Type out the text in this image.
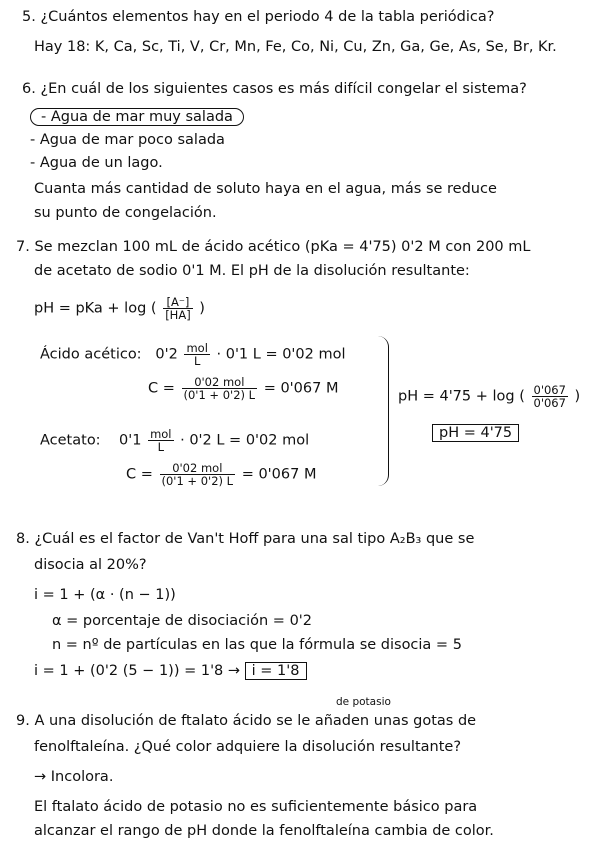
5. ¿Cuántos elementos hay en el periodo 4 de la tabla periódica?
Hay 18: K, Ca, Sc, Ti, V, Cr, Mn, Fe, Co, Ni, Cu, Zn, Ga, Ge, As, Se, Br, Kr.
6. ¿En cuál de los siguientes casos es más difícil congelar el sistema?
- Agua de mar muy salada
- Agua de mar poco salada
- Agua de un lago.
Cuanta más cantidad de soluto haya en el agua, más se reduce
su punto de congelación.
7. Se mezclan 100 mL de ácido acético (pKa = 4'75) 0'2 M con 200 mL
de acetato de sodio 0'1 M. El pH de la disolución resultante:
pH = pKa + log ( $\frac{[A^-]}{[HA]}$ )
Ácido acético: $0'2 \frac{\text{mol}}{L} \cdot 0'1$ L = 0'02 mol
$C = \frac{\text{0'02 mol}}{(0'1 + 0'2) L} = 0'067$ M
Acetato: $0'1 \frac{\text{mol}}{L} \cdot 0'2$ L = 0'02 mol
$C = \frac{\text{0'02 mol}}{(0'1 + 0'2) L} = 0'067$ M
pH = 4'75 + log ( $\frac{0'067}{0'067}$ )
pH = 4'75
8. ¿Cuál es el factor de Van't Hoff para una sal tipo A₂B₃ que se
disocia al 20%?
i = 1 + (α · (n − 1))
α = porcentaje de disociación = 0'2
n = nº de partículas en las que la fórmula se disocia = 5
i = 1 + (0'2 (5 − 1)) = 1'8 → i = 1'8
de potasio
9. A una disolución de ftalato ácido se le añaden unas gotas de
fenolftaleína. ¿Qué color adquiere la disolución resultante?
→ Incolora.
El ftalato ácido de potasio no es suficientemente básico para
alcanzar el rango de pH donde la fenolftaleína cambia de color.
